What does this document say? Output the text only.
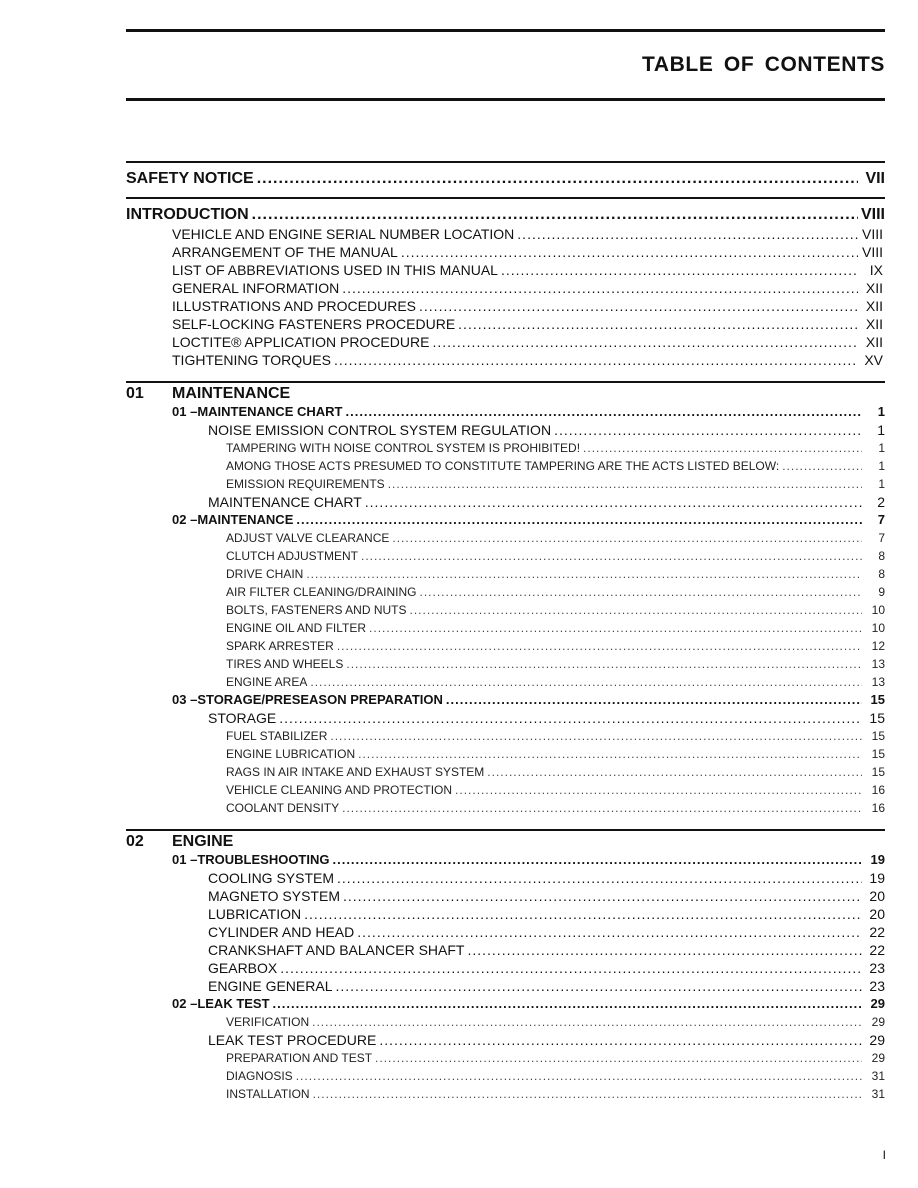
TABLE OF CONTENTS
SAFETY NOTICE .....	VII
INTRODUCTION .....	VIII
VEHICLE AND ENGINE SERIAL NUMBER LOCATION .....	VIII
ARRANGEMENT OF THE MANUAL .....	VIII
LIST OF ABBREVIATIONS USED IN THIS MANUAL .....	IX
GENERAL INFORMATION .....	XII
ILLUSTRATIONS AND PROCEDURES .....	XII
SELF-LOCKING FASTENERS PROCEDURE .....	XII
LOCTITE® APPLICATION PROCEDURE .....	XII
TIGHTENING TORQUES .....	XV
01	MAINTENANCE
01 – MAINTENANCE CHART .....	1
NOISE EMISSION CONTROL SYSTEM REGULATION .....	1
TAMPERING WITH NOISE CONTROL SYSTEM IS PROHIBITED! .....	1
AMONG THOSE ACTS PRESUMED TO CONSTITUTE TAMPERING ARE THE ACTS LISTED BELOW: .....	1
EMISSION REQUIREMENTS .....	1
MAINTENANCE CHART .....	2
02 – MAINTENANCE .....	7
ADJUST VALVE CLEARANCE .....	7
CLUTCH ADJUSTMENT .....	8
DRIVE CHAIN .....	8
AIR FILTER CLEANING/DRAINING .....	9
BOLTS, FASTENERS AND NUTS .....	10
ENGINE OIL AND FILTER .....	10
SPARK ARRESTER .....	12
TIRES AND WHEELS .....	13
ENGINE AREA .....	13
03 – STORAGE/PRESEASON PREPARATION .....	15
STORAGE .....	15
FUEL STABILIZER .....	15
ENGINE LUBRICATION .....	15
RAGS IN AIR INTAKE AND EXHAUST SYSTEM .....	15
VEHICLE CLEANING AND PROTECTION .....	16
COOLANT DENSITY .....	16
02	ENGINE
01 – TROUBLESHOOTING .....	19
COOLING SYSTEM .....	19
MAGNETO SYSTEM .....	20
LUBRICATION .....	20
CYLINDER AND HEAD .....	22
CRANKSHAFT AND BALANCER SHAFT .....	22
GEARBOX .....	23
ENGINE GENERAL .....	23
02 – LEAK TEST .....	29
VERIFICATION .....	29
LEAK TEST PROCEDURE .....	29
PREPARATION AND TEST .....	29
DIAGNOSIS .....	31
INSTALLATION .....	31
I
